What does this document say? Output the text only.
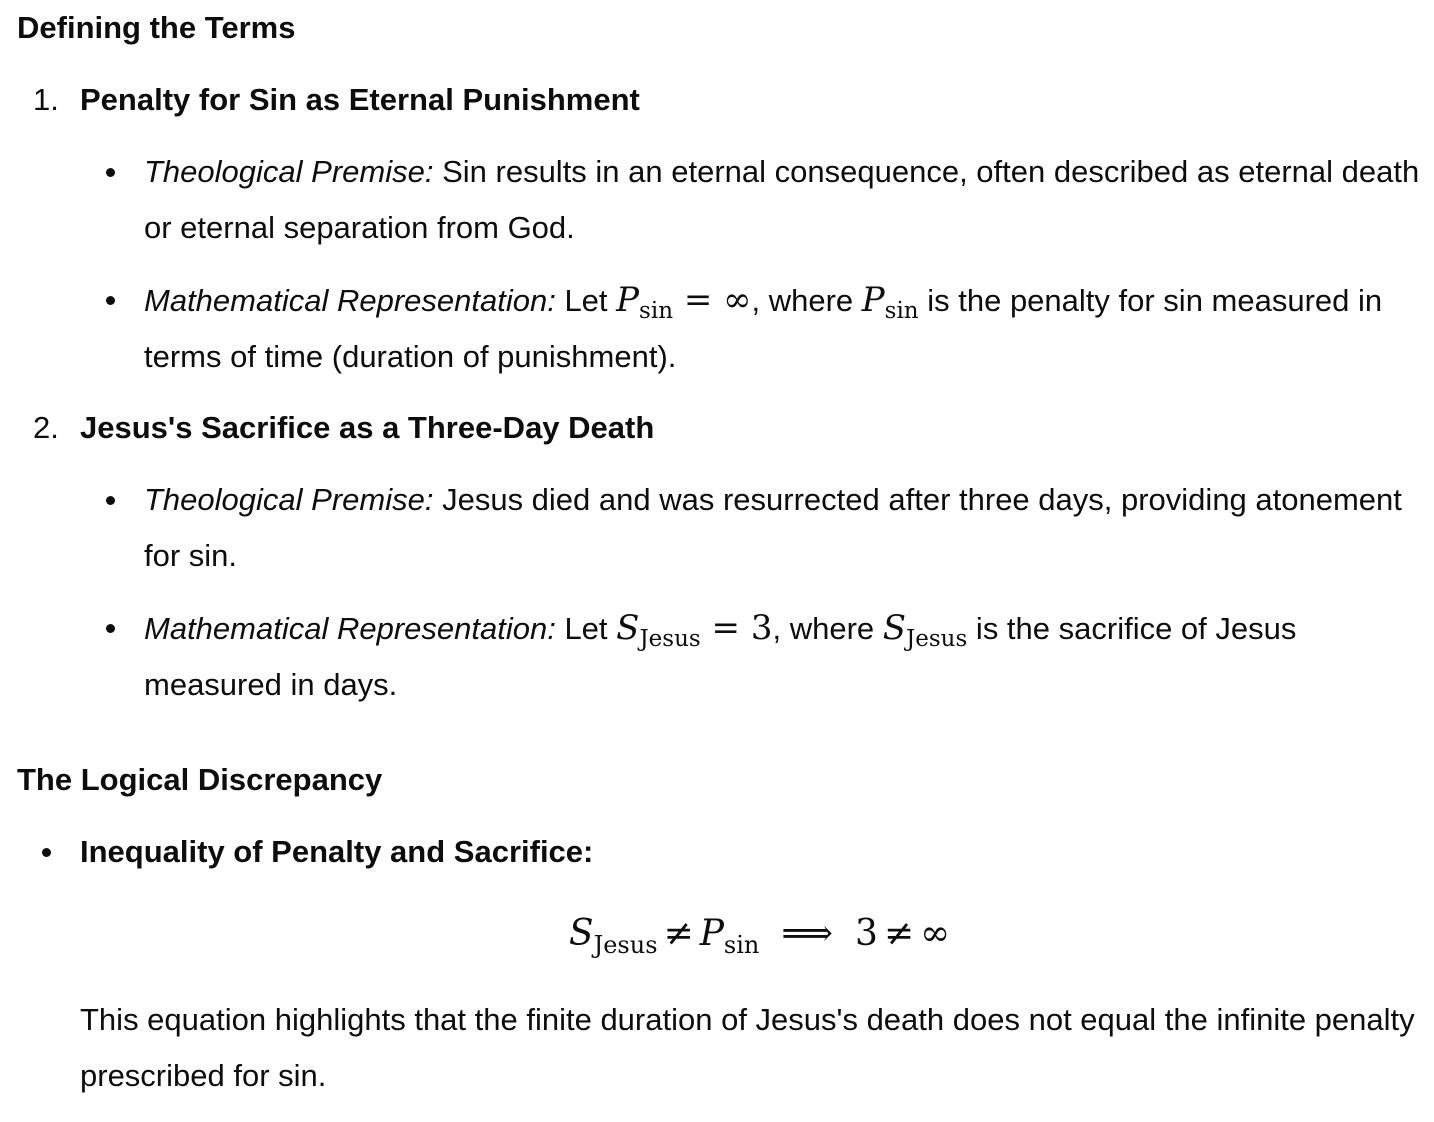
Defining the Terms
1. Penalty for Sin as Eternal Punishment
Theological Premise: Sin results in an eternal consequence, often described as eternal death or eternal separation from God.
Mathematical Representation: Let $P_{sin}$ = ∞, where $P_{sin}$ is the penalty for sin measured in terms of time (duration of punishment).
2. Jesus's Sacrifice as a Three-Day Death
Theological Premise: Jesus died and was resurrected after three days, providing atonement for sin.
Mathematical Representation: Let $S_{Jesus} = 3$, where $S_{Jesus}$ is the sacrifice of Jesus measured in days.
The Logical Discrepancy
Inequality of Penalty and Sacrifice:
$S_{Jesus} \ne P_{sin}$ ⟹ 3 ≠ ∞
This equation highlights that the finite duration of Jesus's death does not equal the infinite penalty prescribed for sin.
